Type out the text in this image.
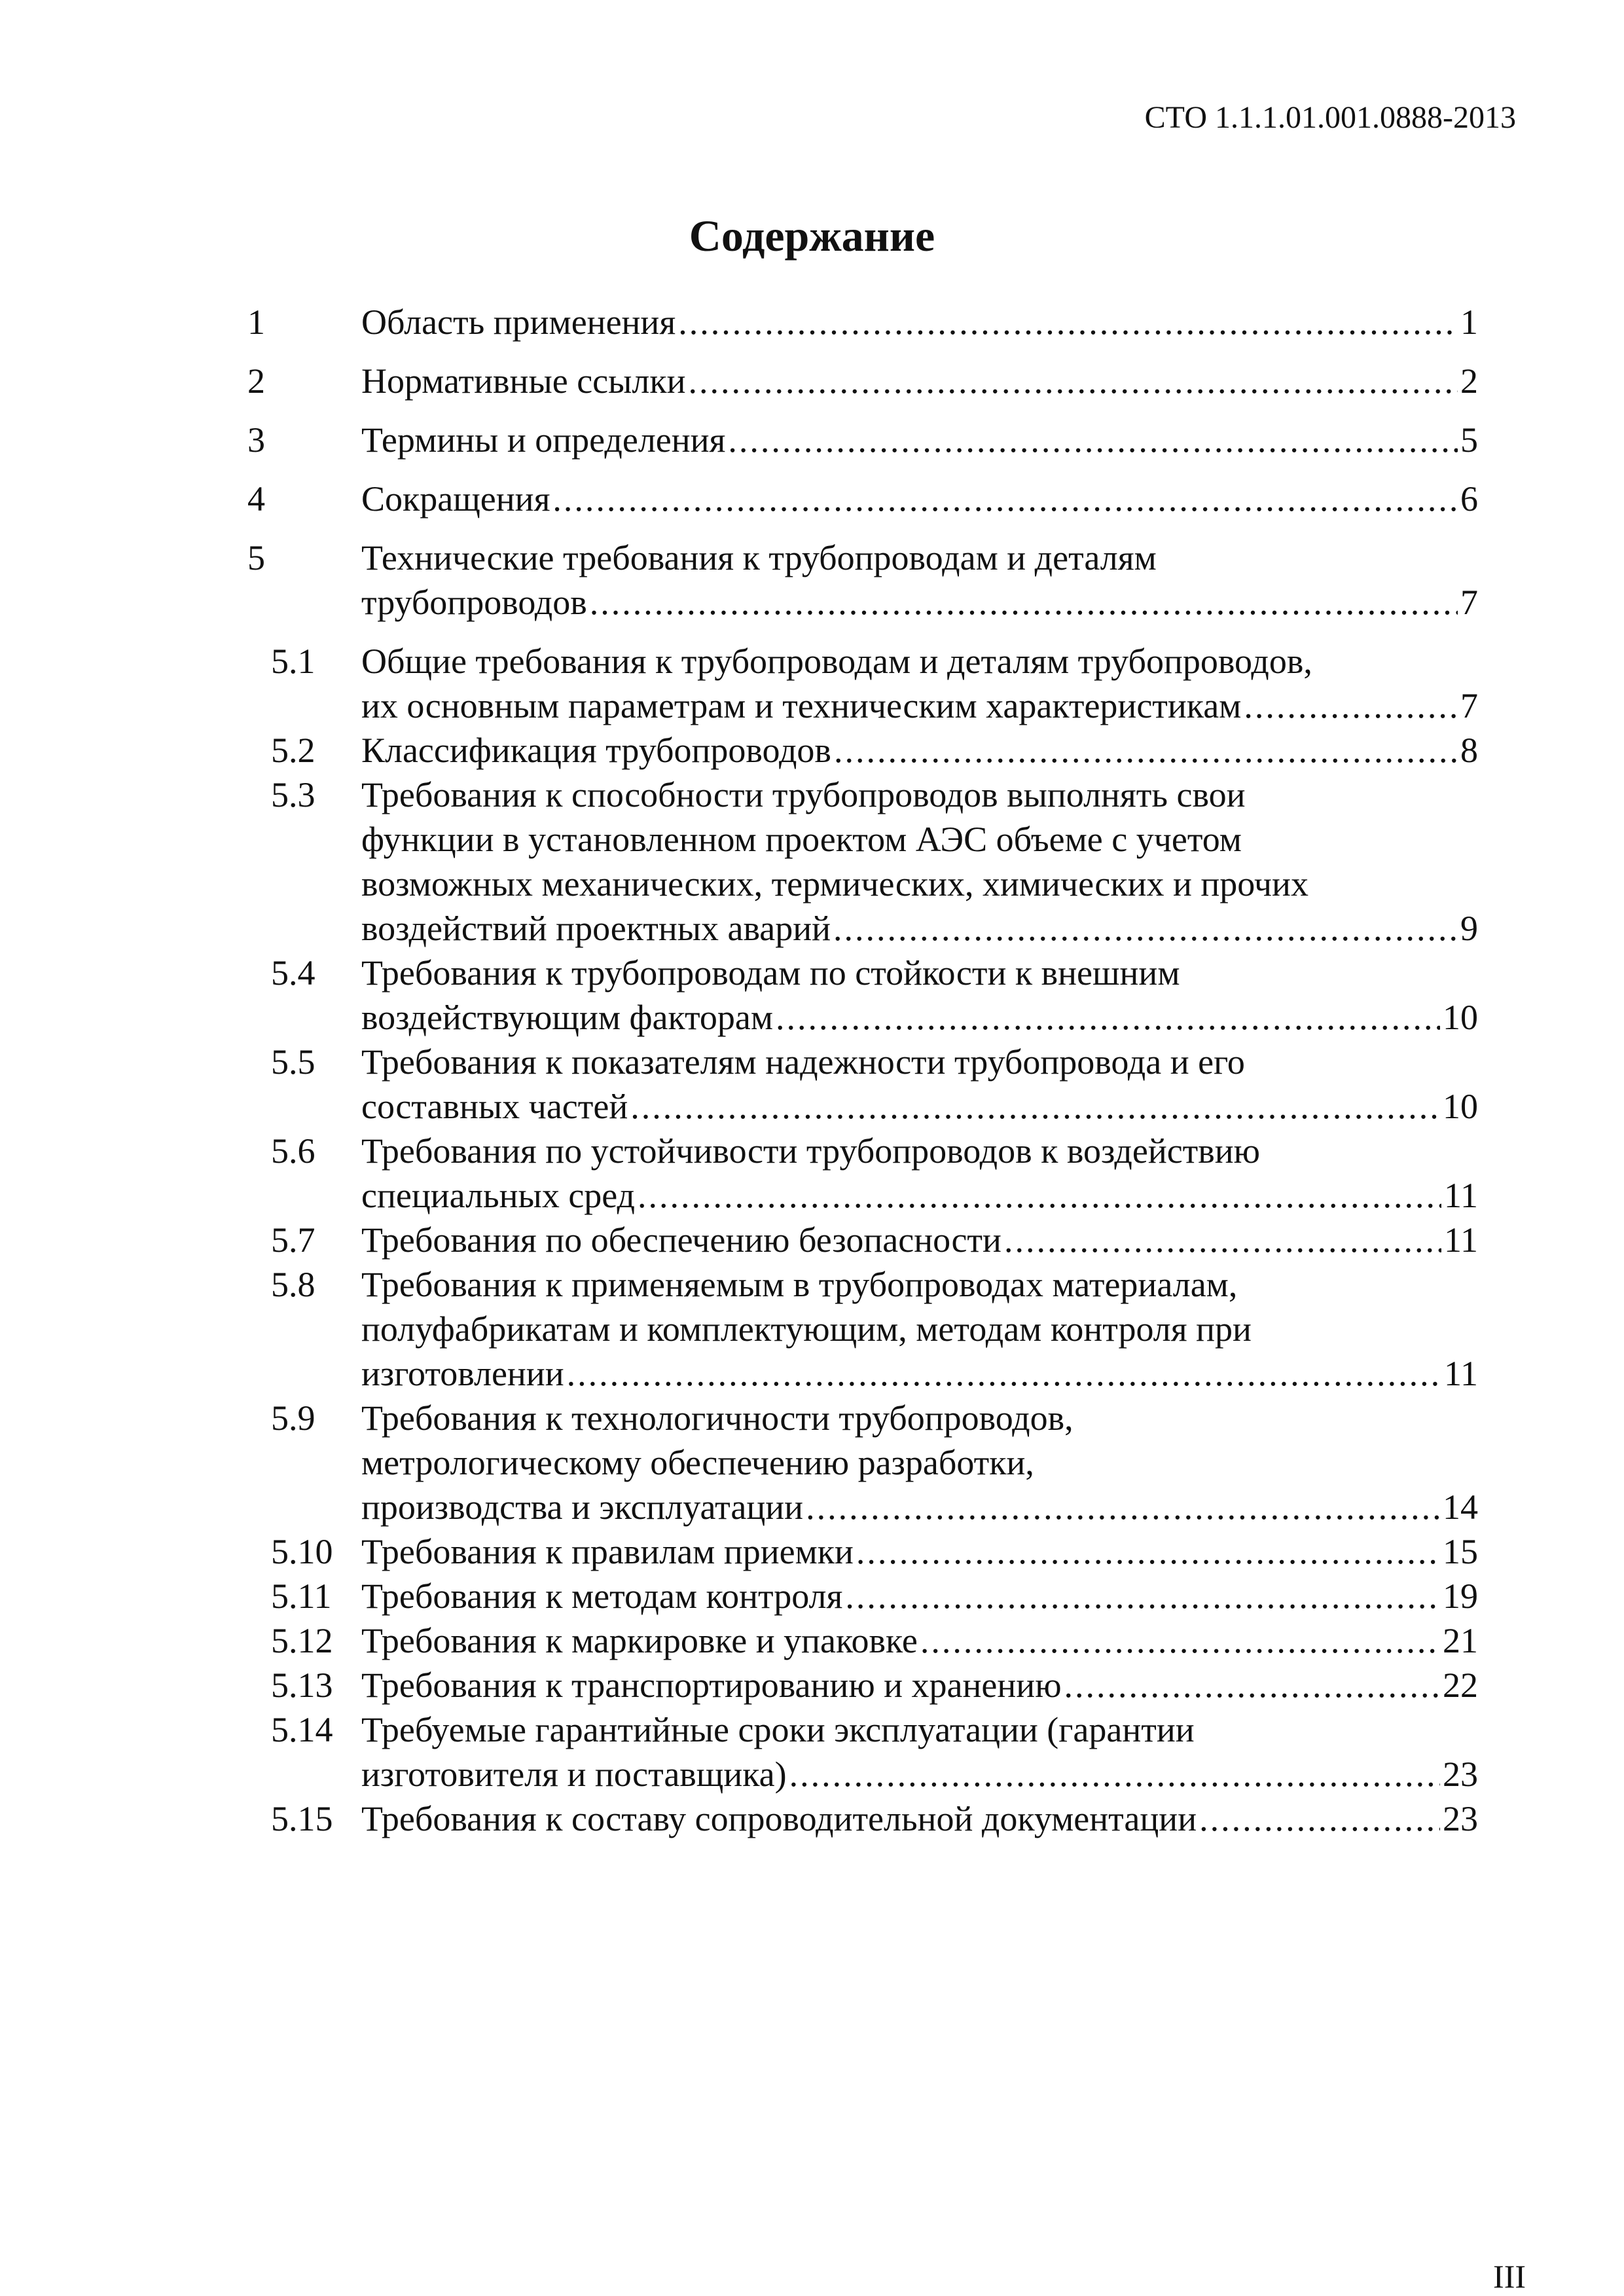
СТО 1.1.1.01.001.0888-2013
Содержание
1	Область применения .....	1
2	Нормативные ссылки .....	2
3	Термины и определения .....	5
4	Сокращения .....	6
5	Технические требования к трубопроводам и деталям
трубопроводов .....	7
5.1	Общие требования к трубопроводам и деталям трубопроводов,
их основным параметрам и техническим характеристикам .....	7
5.2	Классификация трубопроводов .....	8
5.3	Требования к способности трубопроводов выполнять свои
функции в установленном проектом АЭС объеме с учетом
возможных механических, термических, химических и прочих
воздействий проектных аварий .....	9
5.4	Требования к трубопроводам по стойкости к внешним
воздействующим факторам .....	10
5.5	Требования к показателям надежности трубопровода и его
составных частей .....	10
5.6	Требования по устойчивости трубопроводов к воздействию
специальных сред .....	11
5.7	Требования по обеспечению безопасности .....	11
5.8	Требования к применяемым в трубопроводах материалам,
полуфабрикатам и комплектующим, методам контроля при
изготовлении .....	11
5.9	Требования к технологичности трубопроводов,
метрологическому обеспечению разработки,
производства и эксплуатации .....	14
5.10 Требования к правилам приемки .....	15
5.11 Требования к методам контроля .....	19
5.12 Требования к маркировке и упаковке .....	21
5.13 Требования к транспортированию и хранению .....	22
5.14 Требуемые гарантийные сроки эксплуатации (гарантии
изготовителя и поставщика) .....	23
5.15 Требования к составу сопроводительной документации .....	23
III
